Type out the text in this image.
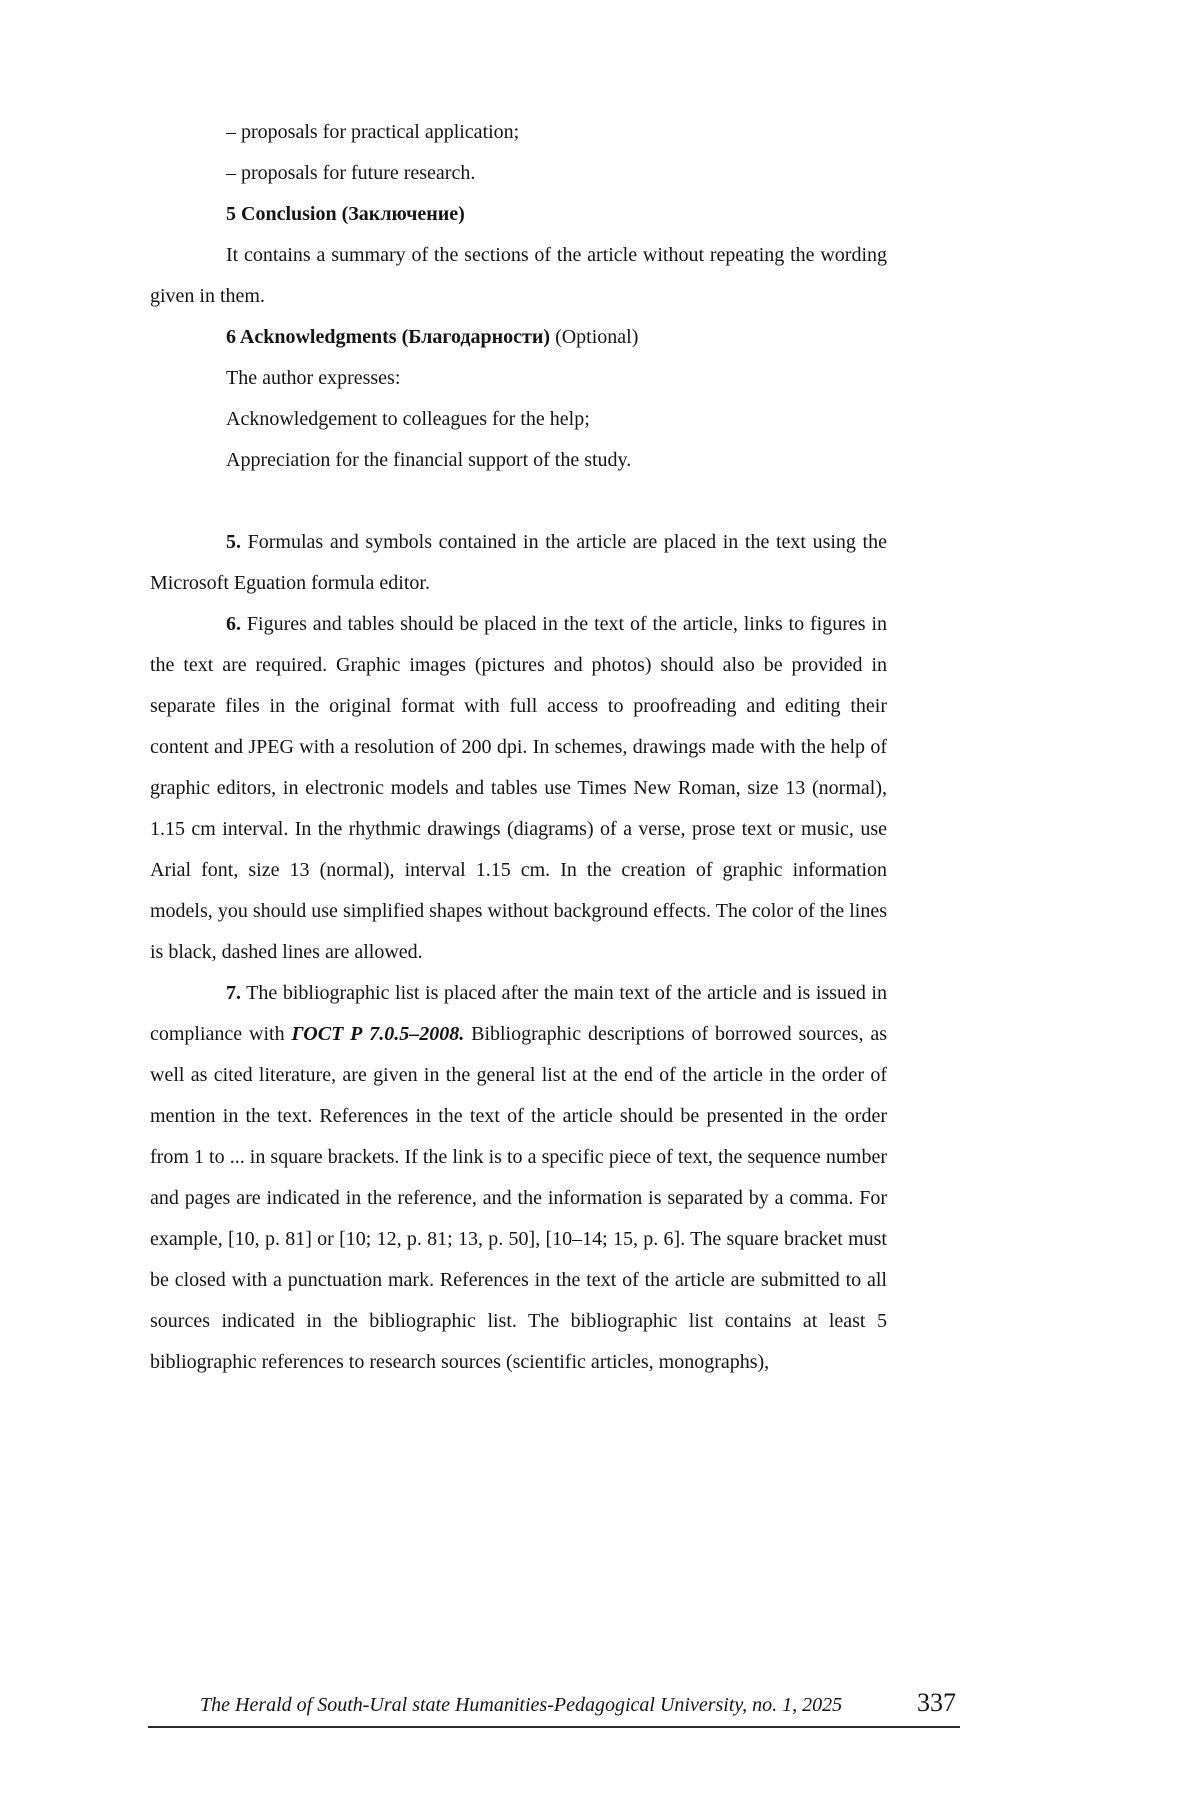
– proposals for practical application;

– proposals for future research.

5 Conclusion (Заключение)

It contains a summary of the sections of the article without repeating the wording given in them.

6 Acknowledgments (Благодарности) (Optional)

The author expresses:

Acknowledgement to colleagues for the help;

Appreciation for the financial support of the study.

5. Formulas and symbols contained in the article are placed in the text using the Microsoft Eguation formula editor.

6. Figures and tables should be placed in the text of the article, links to figures in the text are required. Graphic images (pictures and photos) should also be provided in separate files in the original format with full access to proofreading and editing their content and JPEG with a resolution of 200 dpi. In schemes, drawings made with the help of graphic editors, in electronic models and tables use Times New Roman, size 13 (normal), 1.15 cm interval. In the rhythmic drawings (diagrams) of a verse, prose text or music, use Arial font, size 13 (normal), interval 1.15 cm. In the creation of graphic information models, you should use simplified shapes without background effects. The color of the lines is black, dashed lines are allowed.

7. The bibliographic list is placed after the main text of the article and is issued in compliance with ГОСТ Р 7.0.5–2008. Bibliographic descriptions of borrowed sources, as well as cited literature, are given in the general list at the end of the article in the order of mention in the text. References in the text of the article should be presented in the order from 1 to ... in square brackets. If the link is to a specific piece of text, the sequence number and pages are indicated in the reference, and the information is separated by a comma. For example, [10, p. 81] or [10; 12, p. 81; 13, p. 50], [10–14; 15, p. 6]. The square bracket must be closed with a punctuation mark. References in the text of the article are submitted to all sources indicated in the bibliographic list. The bibliographic list contains at least 5 bibliographic references to research sources (scientific articles, monographs),

The Herald of South-Ural state Humanities-Pedagogical University, no. 1, 2025	337
